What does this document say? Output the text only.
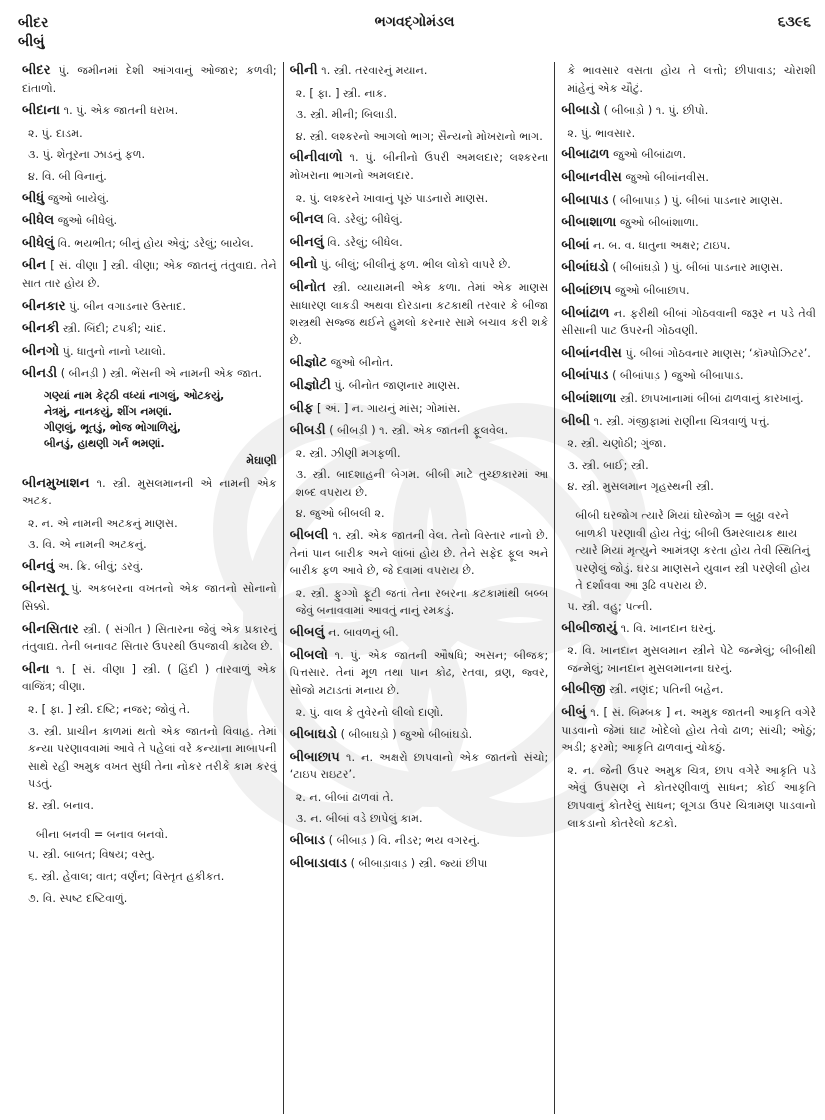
બીદર
બીબું
ભગવદ્ગોમંડલ	૬૩૯૬

બીદર પું. જમીનમાં દેશી આંગવાનું ઓજાર; કળવી; દાંતાળો.

બીદાના ૧. પું. એક જાતની ધરાખ.

૨. પું. દાડમ.

૩. પું. શેતૂરના ઝાડનું ફળ.

૪. વિ. બી વિનાનું.

બીધું જુઓ બાયેલું.

બીધેલ જુઓ બીધેલું.

બીધેલું વિ. ભયભીત; બીનું હોય એવું; ડરેલું; બાયેલ.

બીન [ સં. વીણા ] સ્ત્રી. વીણા; એક જાતનું તંતુવાદ્ય. તેને સાત તાર હોય છે.

બીનકાર પું. બીન વગાડનાર ઉસ્તાદ.

બીનકી સ્ત્રી. બિંદી; ટપકી; ચાંદ.

બીનગો પું. ધાતુનો નાનો પ્યાલો.

બીનડી ( બીનડ઼ી ) સ્ત્રી. ભેંસની એ નામની એક જાત.

ગણ્યાં નામ કેટ્ઠી વધ્યાં નાગલું, ઓટકયું,
નેત્રમું, નાનકયું, શીંગ નમણાં.
ગીણલું, ભૂતડું, ભોજ ભોગાળિયું,
બીનડું, હાથણી ગર્ન ભમણાં.
મેઘાણી

બીનમુખાશન ૧. સ્ત્રી. મુસલમાનની એ નામની એક અટક.

૨. ન. એ નામની અટકનું માણસ.

૩. વિ. એ નામની અટકનું.

બીનવું અ. ક્રિ. બીવું; ડરવું.

બીનસતૂ પું. અકબરના વખતનો એક જાતનો સોનાનો સિક્કો.

બીનસિતાર સ્ત્રી. ( સંગીત ) સિતારના જેવું એક પ્રકારનું તંતુવાદ્ય. તેની બનાવટ સિતાર ઉપરથી ઉપજાવી કાઢેલ છે.

બીના ૧. [ સં. વીણા ] સ્ત્રી. ( હિંદી ) તારવાળું એક વાજિંત્ર; વીણા.

૨. [ ફા. ] સ્ત્રી. દષ્ટિ; નજર; જોવું તે.

૩. સ્ત્રી. પ્રાચીન કાળમાં થતો એક જાતનો વિવાહ. તેમાં કન્યા પરણાવવામાં આવે તે પહેલાં વરે કન્યાના માબાપની સાથે રહી અમુક વખત સુધી તેના નોકર તરીકે કામ કરવું પડતું.

૪. સ્ત્રી. બનાવ.

બીના બનવી = બનાવ બનવો.

૫. સ્ત્રી. બાબત; વિષય; વસ્તુ.

૬. સ્ત્રી. હેવાલ; વાત; વર્ણન; વિસ્તૃત હકીકત.

૭. વિ. સ્પષ્ટ દષ્ટિવાળું.

બીની ૧. સ્ત્રી. તરવારનું મયાન.

૨. [ ફા. ] સ્ત્રી. નાક.

૩. સ્ત્રી. મીની; બિલાડી.

૪. સ્ત્રી. લશ્કરનો આગલો ભાગ; સૈન્યનો મોખરાનો ભાગ.

બીનીવાળો ૧. પું. બીનીનો ઉપરી અમલદાર; લશ્કરના મોખરાના ભાગનો અમલદાર.

૨. પું. લશ્કરને ખાવાનું પૂરું પાડનારો માણસ.

બીનલ વિ. ડરેલું; બીધેલું.

બીનલું વિ. ડરેલું; બીધેલ.

બીનો પું. બીલું; બીલીનું ફળ. ભીલ લોકો વાપરે છે.

બીનોત સ્ત્રી. વ્યાયામની એક કળા. તેમાં એક માણસ સાધારણ લાકડી અથવા દોરડાના કટકાથી તરવાર કે બીજા શસ્ત્રથી સજ્જ થઈને હુમલો કરનાર સામે બચાવ કરી શકે છે.

બીજ્ઞોટ જુઓ બીનોત.

બીજ્ઞોટી પું. બીનોત જાણનાર માણસ.

બીફ [ અં. ] ન. ગાયનું માંસ; ગોમાંસ.

બીબડી ( બીબડ઼ી ) ૧. સ્ત્રી. એક જાતની ફૂલવેલ.

૨. સ્ત્રી. ઝીણી મગફળી.

૩. સ્ત્રી. બાદશાહની બેગમ. બીબી માટે તુચ્છકારમાં આ શબ્દ વપરાય છે.

૪. જુઓ બીબલી ૨.

બીબલી ૧. સ્ત્રી. એક જાતની વેલ. તેનો વિસ્તાર નાનો છે. તેનાં પાન બારીક અને લાંબાં હોય છે. તેને સફેદ ફૂલ અને બારીક ફળ આવે છે, જે દવામાં વપરાય છે.

૨. સ્ત્રી. ફુગ્ગો ફૂટી જતાં તેના રબરના કટકામાંથી બબ્બ જેવું બનાવવામાં આવતું નાનું રમકડું.

બીબલું ન. બાવળનું બી.

બીબલો ૧. પું. એક જાતની ઔષધિ; અસન; બીજક; પિત્તસાર. તેનાં મૂળ તથા પાન કોઢ, રતવા, વ્રણ, જ્વર, સોજો મટાડતાં મનાય છે.

૨. પું. વાલ કે તુવેરનો લીલો દાણો.

બીબાઘડો ( બીબાઘડ઼ો ) જુઓ બીબાંઘડો.

બીબાછાપ ૧. ન. અક્ષરો છાપવાનો એક જાતનો સંચો; ‘ટાઇપ રાઇટર’.

૨. ન. બીબાં ઢાળવાં તે.

૩. ન. બીબાં વડે છાપેલું કામ.

બીબાડ ( બીબાડ઼ ) વિ. નીડર; ભય વગરનું.

બીબાડાવાડ ( બીબાડ઼ાવાડ઼ ) સ્ત્રી. જ્યાં છીપા

કે ભાવસાર વસતા હોય તે લત્તો; છીપાવાડ; ચોરાશી માંહેનું એક ચૌટું.

બીબાડો ( બીબાડ઼ો ) ૧. પું. છીપો.

૨. પું. ભાવસાર.

બીબાઢાળ જુઓ બીબાંઢાળ.

બીબાનવીસ જુઓ બીબાંનવીસ.

બીબાપાડ ( બીબાપાડ઼ ) પું. બીબાં પાડનાર માણસ.

બીબાશાળા જુઓ બીબાંશાળા.

બીબાં ન. બ. વ. ધાતુના અક્ષર; ટાઇપ.

બીબાંઘડો ( બીબાંઘડ઼ો ) પું. બીબાં પાડનાર માણસ.

બીબાંછાપ જુઓ બીબાછાપ.

બીબાંઢાળ ન. ફરીથી બીબાં ગોઠવવાની જરૂર ન પડે તેવી સીસાની પાટ ઉપરની ગોઠવણી.

બીબાંનવીસ પું. બીબાં ગોઠવનાર માણસ; ‘કૉમ્પોઝિટર’.

બીબાંપાડ ( બીબાંપાડ઼ ) જુઓ બીબાપાડ.

બીબાંશાળા સ્ત્રી. છાપખાનામાં બીબાં ઢાળવાનું કારખાનું.

બીબી ૧. સ્ત્રી. ગંજીફામાં રાણીના ચિત્રવાળું પત્તું.

૨. સ્ત્રી. ચણોઠી; ગુંજા.

૩. સ્ત્રી. બાઈ; સ્ત્રી.

૪. સ્ત્રી. મુસલમાન ગૃહસ્થની સ્ત્રી.

બીબી ઘરજોગ ત્યારે મિયાં ઘોરજોગ = બુઢ્ઢા વરને બાળકી પરણાવી હોય તેવું; બીબી ઉમરલાયક થાય ત્યારે મિયાં મૃત્યુને આમંત્રણ કરતા હોય તેવી સ્થિતિનું પરણેલું જોડું. ઘરડા માણસને યુવાન સ્ત્રી પરણેલી હોય તે દર્શાવવા આ રૂઢિ વપરાય છે.

૫. સ્ત્રી. વહુ; પત્ની.

બીબીજાયું ૧. વિ. ખાનદાન ઘરનું.

૨. વિ. ખાનદાન મુસલમાન સ્ત્રીને પેટે જન્મેલું; બીબીથી જન્મેલું; ખાનદાન મુસલમાનના ઘરનું.

બીબીજી સ્ત્રી. નણંદ; પતિની બહેન.

બીબું ૧. [ સં. બિમ્બક ] ન. અમુક જાતની આકૃતિ વગેરે પાડવાનો જેમાં ઘાટ ખોદેલો હોય તેવો ઢાળ; સાંચી; ઓઠું; અડી; ફરમો; આકૃતિ ઢાળવાનું ચોકઠું.

૨. ન. જેની ઉપર અમુક ચિત્ર, છાપ વગેરે આકૃતિ પડે એવું ઉપસણ ને કોતરણીવાળું સાધન; કોઈ આકૃતિ છાપવાનું કોતરેલું સાધન; લૂગડા ઉપર ચિત્રામણ પાડવાનો લાકડાનો કોતરેલો કટકો.
